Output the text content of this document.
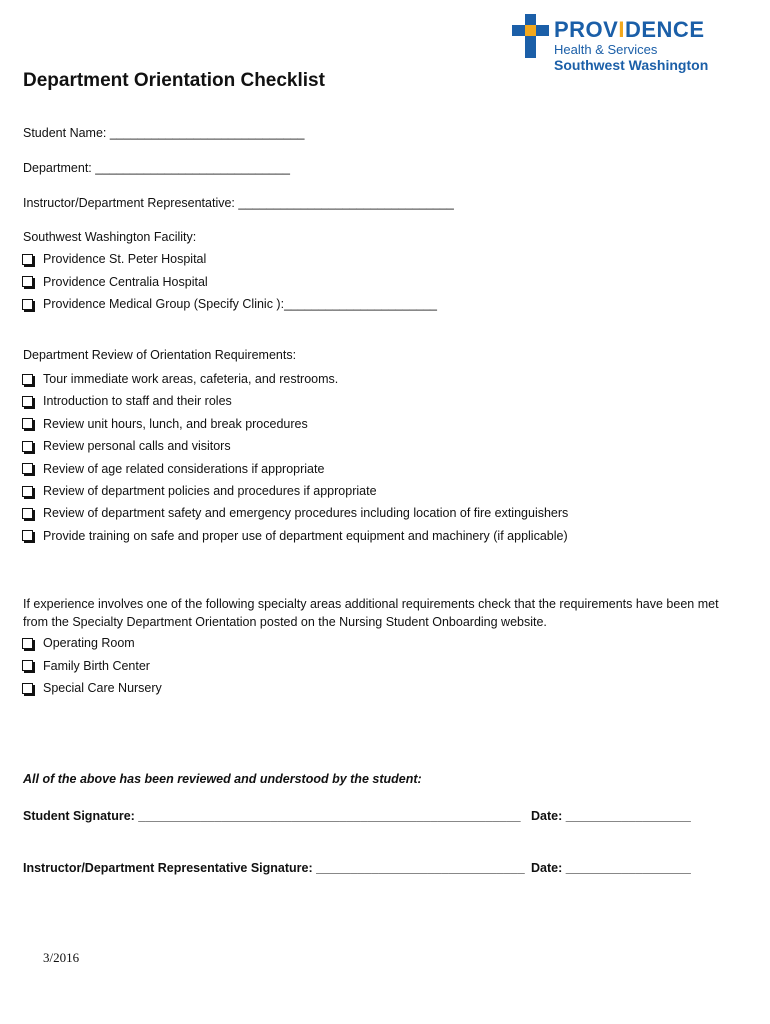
PROVIDENCE
Health & Services
Southwest Washington
Department Orientation Checklist
Student Name: ____________________________
Department: ____________________________
Instructor/Department Representative: _______________________________
Southwest Washington Facility:
Providence St. Peter Hospital
Providence Centralia Hospital
Providence Medical Group (Specify Clinic ):______________________
Department Review of Orientation Requirements:
Tour immediate work areas, cafeteria, and restrooms.
Introduction to staff and their roles
Review unit hours, lunch, and break procedures
Review personal calls and visitors
Review of age related considerations if appropriate
Review of department policies and procedures if appropriate
Review of department safety and emergency procedures including location of fire extinguishers
Provide training on safe and proper use of department equipment and machinery (if applicable)
If experience involves one of the following specialty areas additional requirements check that the requirements have been met from the Specialty Department Orientation posted on the Nursing Student Onboarding website.
Operating Room
Family Birth Center
Special Care Nursery
All of the above has been reviewed and understood by the student:
Student Signature: _______________________________________________________ Date: __________________
Instructor/Department Representative Signature: ______________________________ Date: __________________
3/2016
